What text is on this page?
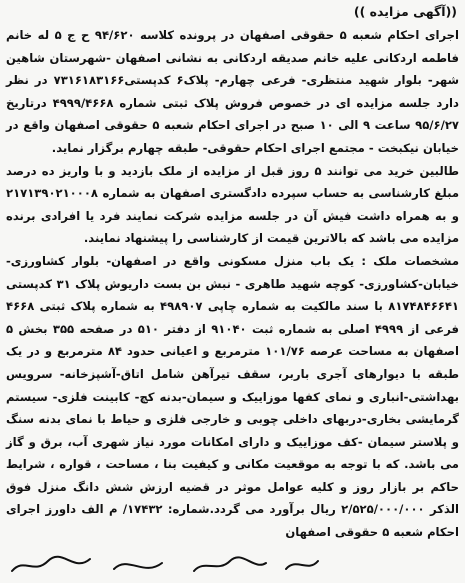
((آگهی مزایده ))

اجرای احکام شعبه ۵ حقوقی اصفهان در پرونده کلاسه ۹۴/۶۲۰ ح ج ۵ له خانم فاطمه اردکانی علیه خانم صدیقه اردکانی به نشانی اصفهان -شهرستان شاهین شهر- بلوار شهید منتظری- فرعی چهارم- پلاک۶ کدپستی۷۳۱۶۱۸۳۱۶۶ در نظر دارد جلسه مزایده ای در خصوص فروش پلاک ثبتی شماره ۴۹۹۹/۴۶۶۸ درتاریخ ۹۵/۶/۲۷ ساعت ۹ الی ۱۰ صبح در اجرای احکام شعبه ۵ حقوقی اصفهان واقع در خیابان نیکبخت - مجتمع اجرای احکام حقوقی- طبقه چهارم برگزار نماید.

طالبین خرید می توانند ۵ روز قبل از مزایده از ملک بازدید و با واریز ده درصد مبلغ کارشناسی به حساب سپرده دادگستری اصفهان به شماره ۲۱۷۱۳۹۰۲۱۰۰۰۸ و به همراه داشت فیش آن در جلسه مزایده شرکت نمایند فرد یا افرادی برنده مزایده می باشد که بالاترین قیمت از کارشناسی را پیشنهاد نمایند.

مشخصات ملک : یک باب منزل مسکونی واقع در اصفهان- بلوار کشاورزی-خیابان-کشاورزی- کوچه شهید طاهری - نبش بن بست داریوش پلاک ۳۱ کدپستی ۸۱۷۴۸۴۶۶۴۱ با سند مالکیت به شماره چاپی ۴۹۸۹۰۷ به شماره پلاک ثبتی ۴۶۶۸ فرعی از ۴۹۹۹ اصلی به شماره ثبت ۹۱۰۴۰ از دفتر ۵۱۰ در صفحه ۳۵۵ بخش ۵ اصفهان به مساحت عرصه ۱۰۱/۷۶ مترمربع و اعیانی حدود ۸۴ مترمربع و در یک طبقه با دیوارهای آجری باربر، سقف تیرآهن شامل اتاق-آشپزخانه- سرویس بهداشتی-انباری و نمای کفها موزاییک و سیمان-بدنه کچ- کابینت فلزی- سیستم گرمایشی بخاری-دربهای داخلی چوبی و خارجی فلزی و حیاط با نمای بدنه سنگ و پلاستر سیمان -کف موزاییک و دارای امکانات مورد نیاز شهری آب، برق و گاز می باشد. که با توجه به موقعیت مکانی و کیفیت بنا ، مساحت ، قواره ، شرایط حاکم بر بازار روز و کلیه عوامل موثر در قضیه ارزش شش دانگ منزل فوق الذکر ۲/۵۲۵/۰۰۰/۰۰۰ ریال برآورد می گردد.شماره: ۱۷۴۳۲/ م الف داورز اجرای احکام شعبه ۵ حقوقی اصفهان
